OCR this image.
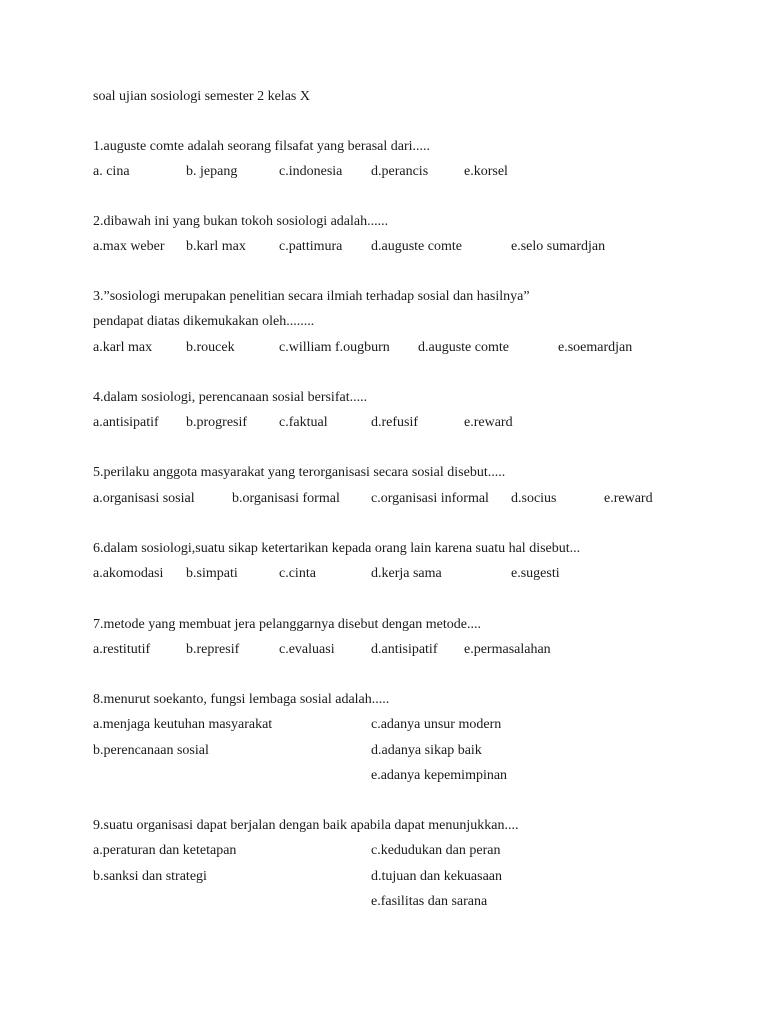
soal ujian sosiologi semester 2 kelas X
1.auguste comte adalah seorang filsafat yang berasal dari.....
a. cina	b. jepang	c.indonesia d.perancis	e.korsel
2.dibawah ini yang bukan tokoh sosiologi adalah......
a.max weber b.karl max c.pattimura d.auguste comte	e.selo sumardjan
3.”sosiologi merupakan penelitian secara ilmiah terhadap sosial dan hasilnya”
pendapat diatas dikemukakan oleh........
a.karl max b.roucek	c.william f.ougburn d.auguste comte	e.soemardjan
4.dalam sosiologi, perencanaan sosial bersifat.....
a.antisipatif b.progresif c.faktual	d.refusif	e.reward
5.perilaku anggota masyarakat yang terorganisasi secara sosial disebut.....
a.organisasi sosial	b.organisasi formal c.organisasi informal d.socius	e.reward
6.dalam sosiologi,suatu sikap ketertarikan kepada orang lain karena suatu hal disebut...
a.akomodasi b.simpati	c.cinta	d.kerja sama	e.sugesti
7.metode yang membuat jera pelanggarnya disebut dengan metode....
a.restitutif	b.represif	c.evaluasi	d.antisipatif e.permasalahan
8.menurut soekanto, fungsi lembaga sosial adalah.....
a.menjaga keutuhan masyarakat
b.perencanaan sosial
c.adanya unsur modern
d.adanya sikap baik
e.adanya kepemimpinan
9.suatu organisasi dapat berjalan dengan baik apabila dapat menunjukkan....
a.peraturan dan ketetapan
b.sanksi dan strategi
c.kedudukan dan peran
d.tujuan dan kekuasaan
e.fasilitas dan sarana
